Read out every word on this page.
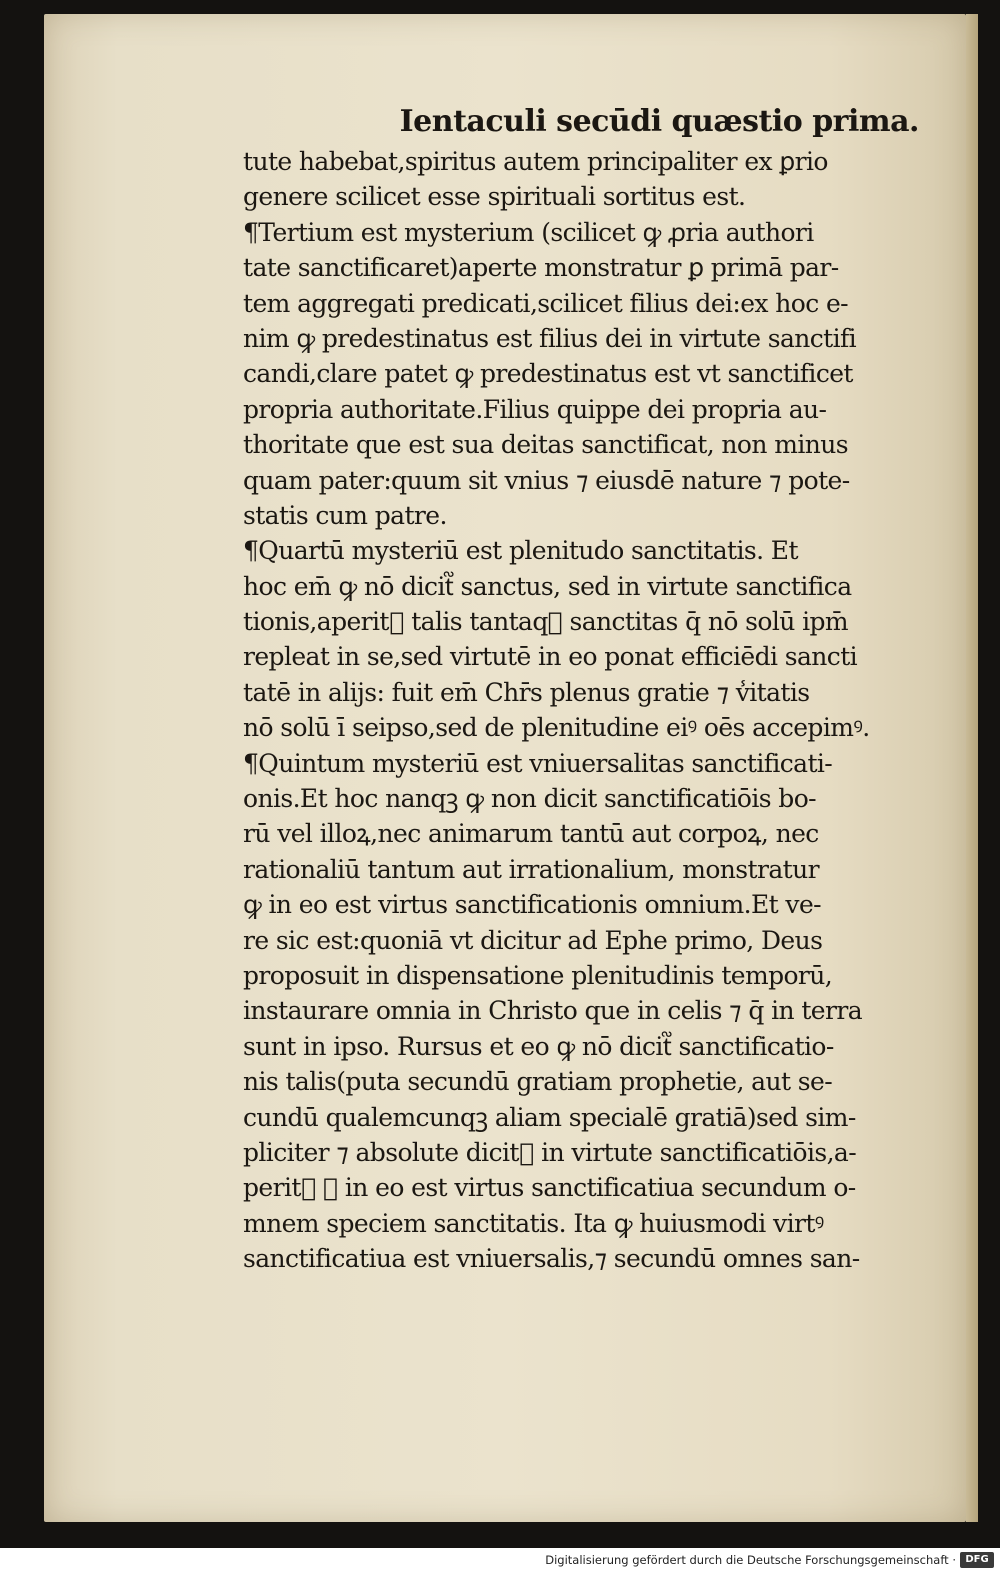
Ientaculi secūdi quæstio prima.
tute habebat,spiritus autem principaliter ex ꝑrio
genere scilicet esse spirituali sortitus est.
¶Tertium est mysterium (scilicet ꝙ ꝓria authori
tate sanctificaret)aperte monstratur ꝑ primā par-
tem aggregati predicati,scilicet filius dei:ex hoc e-
nim ꝙ predestinatus est filius dei in virtute sanctifi
candi,clare patet ꝙ predestinatus est vt sanctificet
propria authoritate.Filius quippe dei propria au-
thoritate que est sua deitas sanctificat, non minus
quam pater:quum sit vnius ⁊ eiusdē nature ⁊ pote-
statis cum patre.
¶Quartū mysteriū est plenitudo sanctitatis. Et
hoc em̄ ꝙ nō dicit᷑ sanctus, sed in virtute sanctifica
tionis,aperit᷑ talis tantaqꝫ sanctitas q̄ nō solū ipm̄
repleat in se,sed virtutē in eo ponat efficiēdi sancti
tatē in alijs: fuit em̄ Chr̄s plenus gratie ⁊ v̾itatis
nō solū ī seipso,sed de plenitudine eiꝰ oēs accepimꝰ.
¶Quintum mysteriū est vniuersalitas sanctificati-
onis.Et hoc nanqꝫ ꝙ non dicit sanctificatiōis bo-
rū vel illoꝝ,nec animarum tantū aut corpoꝝ, nec
rationaliū tantum aut irrationalium, monstratur
ꝙ in eo est virtus sanctificationis omnium.Et ve-
re sic est:quoniā vt dicitur ad Ephe primo, Deus
proposuit in dispensatione plenitudinis temporū,
instaurare omnia in Christo que in celis ⁊ q̄ in terra
sunt in ipso. Rursus et eo ꝙ nō dicit᷑ sanctificatio-
nis talis(puta secundū gratiam prophetie, aut se-
cundū qualemcunqꝫ aliam specialē gratiā)sed sim-
pliciter ⁊ absolute dicit᷑ in virtute sanctificatiōis,a-
perit᷑ ꝙ in eo est virtus sanctificatiua secundum o-
mnem speciem sanctitatis. Ita ꝙ huiusmodi virtꝰ
sanctificatiua est vniuersalis,⁊ secundū omnes san-
Digitalisierung gefördert durch die Deutsche Forschungsgemeinschaft · DFG
